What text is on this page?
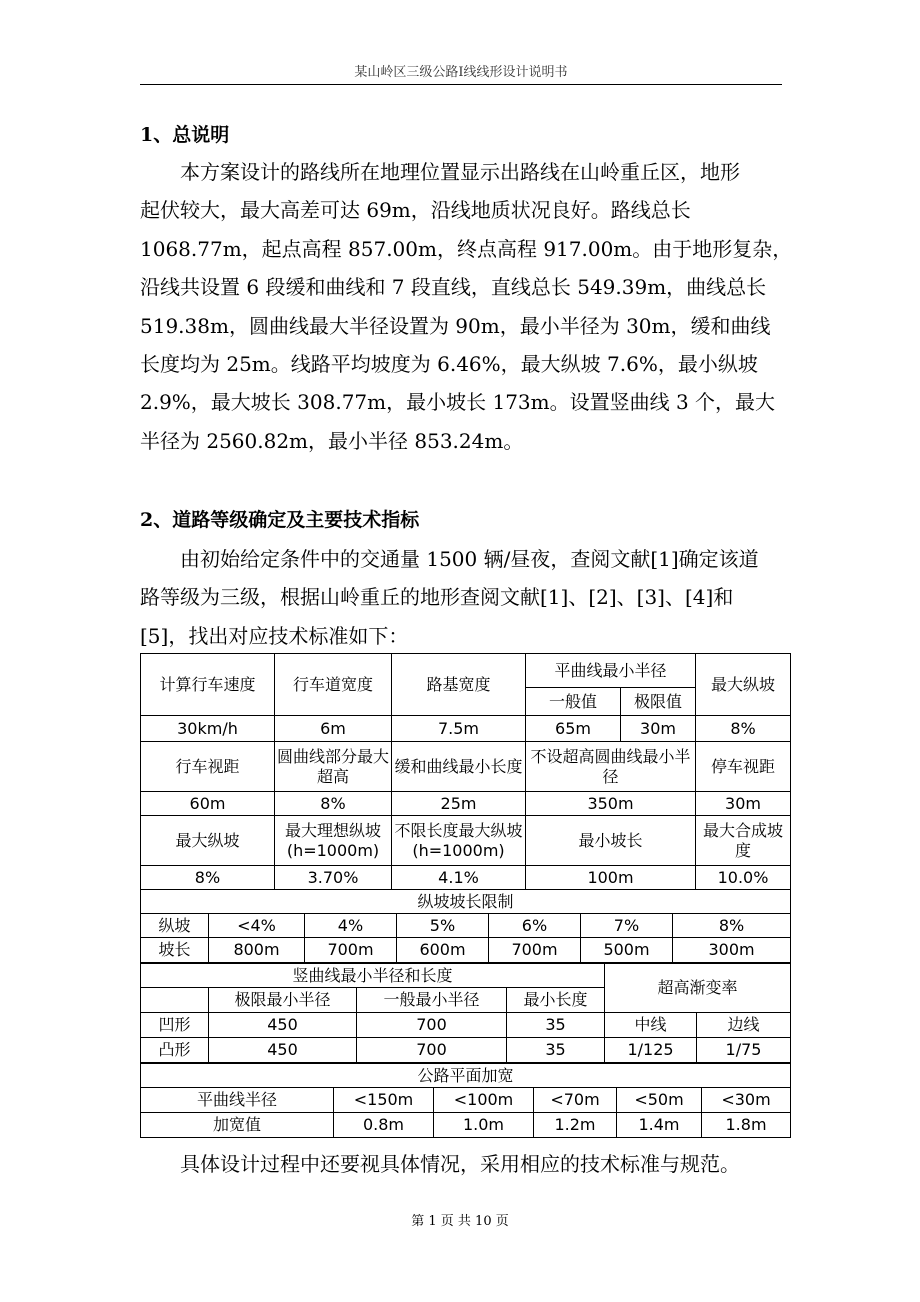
某山岭区三级公路Ⅰ线线形设计说明书
1、总说明
本方案设计的路线所在地理位置显示出路线在山岭重丘区，地形
起伏较大，最大高差可达 69m，沿线地质状况良好。路线总长
1068.77m，起点高程 857.00m，终点高程 917.00m。由于地形复杂，
沿线共设置 6 段缓和曲线和 7 段直线，直线总长 549.39m，曲线总长
519.38m，圆曲线最大半径设置为 90m，最小半径为 30m，缓和曲线
长度均为 25m。线路平均坡度为 6.46%，最大纵坡 7.6%，最小纵坡
2.9%，最大坡长 308.77m，最小坡长 173m。设置竖曲线 3 个，最大
半径为 2560.82m，最小半径 853.24m。
2、道路等级确定及主要技术指标
由初始给定条件中的交通量 1500 辆/昼夜，查阅文献[1]确定该道
路等级为三级，根据山岭重丘的地形查阅文献[1]、[2]、[3]、[4]和
[5]，找出对应技术标准如下：
计算行车速度	行车道宽度	路基宽度	平曲线最小半径		最大纵坡
			一般值	极限值	
30km/h	6m	7.5m	65m	30m	8%
行车视距	圆曲线部分最大超高	缓和曲线最小长度	不设超高圆曲线最小半径		停车视距
60m	8%	25m	350m		30m
最大纵坡	最大理想纵坡(h=1000m)	不限长度最大纵坡(h=1000m)	最小坡长		最大合成坡度
8%	3.70%	4.1%	100m		10.0%
纵坡坡长限制						
纵坡	<4%	4%	5%	6%	7%	8%
坡长	800m	700m	600m	700m	500m	300m
竖曲线最小半径和长度				超高渐变率	
	极限最小半径	一般最小半径	最小长度		
凹形	450	700	35	中线	边线
凸形	450	700	35	1/125	1/75
公路平面加宽					
平曲线半径	<150m	<100m	<70m	<50m	<30m
加宽值	0.8m	1.0m	1.2m	1.4m	1.8m
具体设计过程中还要视具体情况，采用相应的技术标准与规范。
第 1 页 共 10 页
